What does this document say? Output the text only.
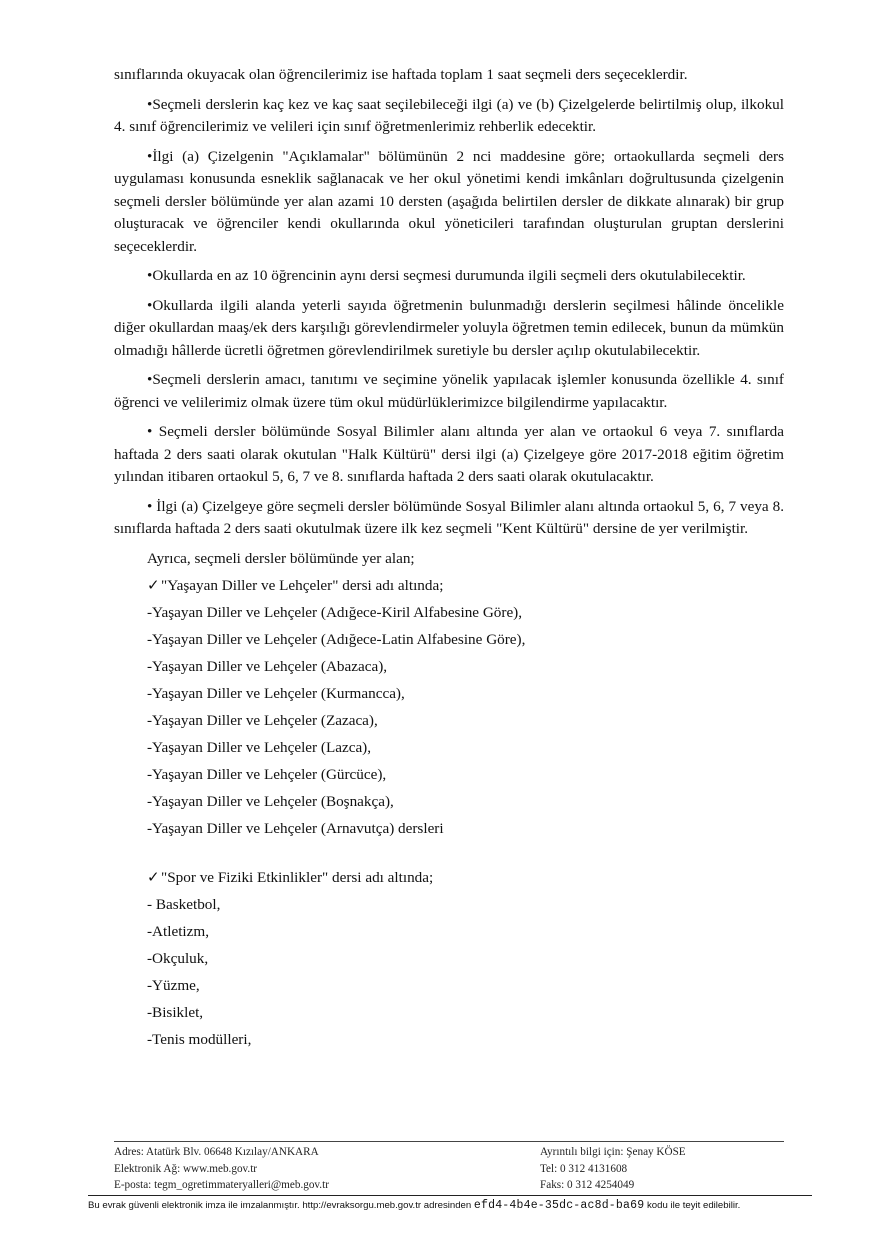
sınıflarında okuyacak olan öğrencilerimiz ise haftada toplam 1 saat seçmeli ders seçeceklerdir.

•Seçmeli derslerin kaç kez ve kaç saat seçilebileceği ilgi (a) ve (b) Çizelgelerde belirtilmiş olup, ilkokul 4. sınıf öğrencilerimiz ve velileri için sınıf öğretmenlerimiz rehberlik edecektir.

•İlgi (a) Çizelgenin "Açıklamalar" bölümünün 2 nci maddesine göre; ortaokullarda seçmeli ders uygulaması konusunda esneklik sağlanacak ve her okul yönetimi kendi imkânları doğrultusunda çizelgenin seçmeli dersler bölümünde yer alan azami 10 dersten (aşağıda belirtilen dersler de dikkate alınarak) bir grup oluşturacak ve öğrenciler kendi okullarında okul yöneticileri tarafından oluşturulan gruptan derslerini seçeceklerdir.

•Okullarda en az 10 öğrencinin aynı dersi seçmesi durumunda ilgili seçmeli ders okutulabilecektir.

•Okullarda ilgili alanda yeterli sayıda öğretmenin bulunmadığı derslerin seçilmesi hâlinde öncelikle diğer okullardan maaş/ek ders karşılığı görevlendirmeler yoluyla öğretmen temin edilecek, bunun da mümkün olmadığı hâllerde ücretli öğretmen görevlendirilmek suretiyle bu dersler açılıp okutulabilecektir.

•Seçmeli derslerin amacı, tanıtımı ve seçimine yönelik yapılacak işlemler konusunda özellikle 4. sınıf öğrenci ve velilerimiz olmak üzere tüm okul müdürlüklerimizce bilgilendirme yapılacaktır.

• Seçmeli dersler bölümünde Sosyal Bilimler alanı altında yer alan ve ortaokul 6 veya 7. sınıflarda haftada 2 ders saati olarak okutulan "Halk Kültürü" dersi ilgi (a) Çizelgeye göre 2017-2018 eğitim öğretim yılından itibaren ortaokul 5, 6, 7 ve 8. sınıflarda haftada 2 ders saati olarak okutulacaktır.

• İlgi (a) Çizelgeye göre seçmeli dersler bölümünde Sosyal Bilimler alanı altında ortaokul 5, 6, 7 veya 8. sınıflarda haftada 2 ders saati okutulmak üzere ilk kez seçmeli "Kent Kültürü" dersine de yer verilmiştir.

Ayrıca, seçmeli dersler bölümünde yer alan;

✓"Yaşayan Diller ve Lehçeler" dersi adı altında;
-Yaşayan Diller ve Lehçeler (Adığece-Kiril Alfabesine Göre),
-Yaşayan Diller ve Lehçeler (Adığece-Latin Alfabesine Göre),
-Yaşayan Diller ve Lehçeler (Abazaca),
-Yaşayan Diller ve Lehçeler (Kurmancca),
-Yaşayan Diller ve Lehçeler (Zazaca),
-Yaşayan Diller ve Lehçeler (Lazca),
-Yaşayan Diller ve Lehçeler (Gürcüce),
-Yaşayan Diller ve Lehçeler (Boşnakça),
-Yaşayan Diller ve Lehçeler (Arnavutça) dersleri
✓"Spor ve Fiziki Etkinlikler" dersi adı altında;
- Basketbol,
-Atletizm,
-Okçuluk,
-Yüzme,
-Bisiklet,
-Tenis modülleri,
Adres: Atatürk Blv. 06648 Kızılay/ANKARA
Elektronik Ağ: www.meb.gov.tr
E-posta: tegm_ogretimmateryalleri@meb.gov.tr
Ayrıntılı bilgi için: Şenay KÖSE
Tel: 0 312 4131608
Faks: 0 312 4254049
Bu evrak güvenli elektronik imza ile imzalanmıştır. http://evraksorgu.meb.gov.tr adresinden efd4-4b4e-35dc-ac8d-ba69 kodu ile teyit edilebilir.
